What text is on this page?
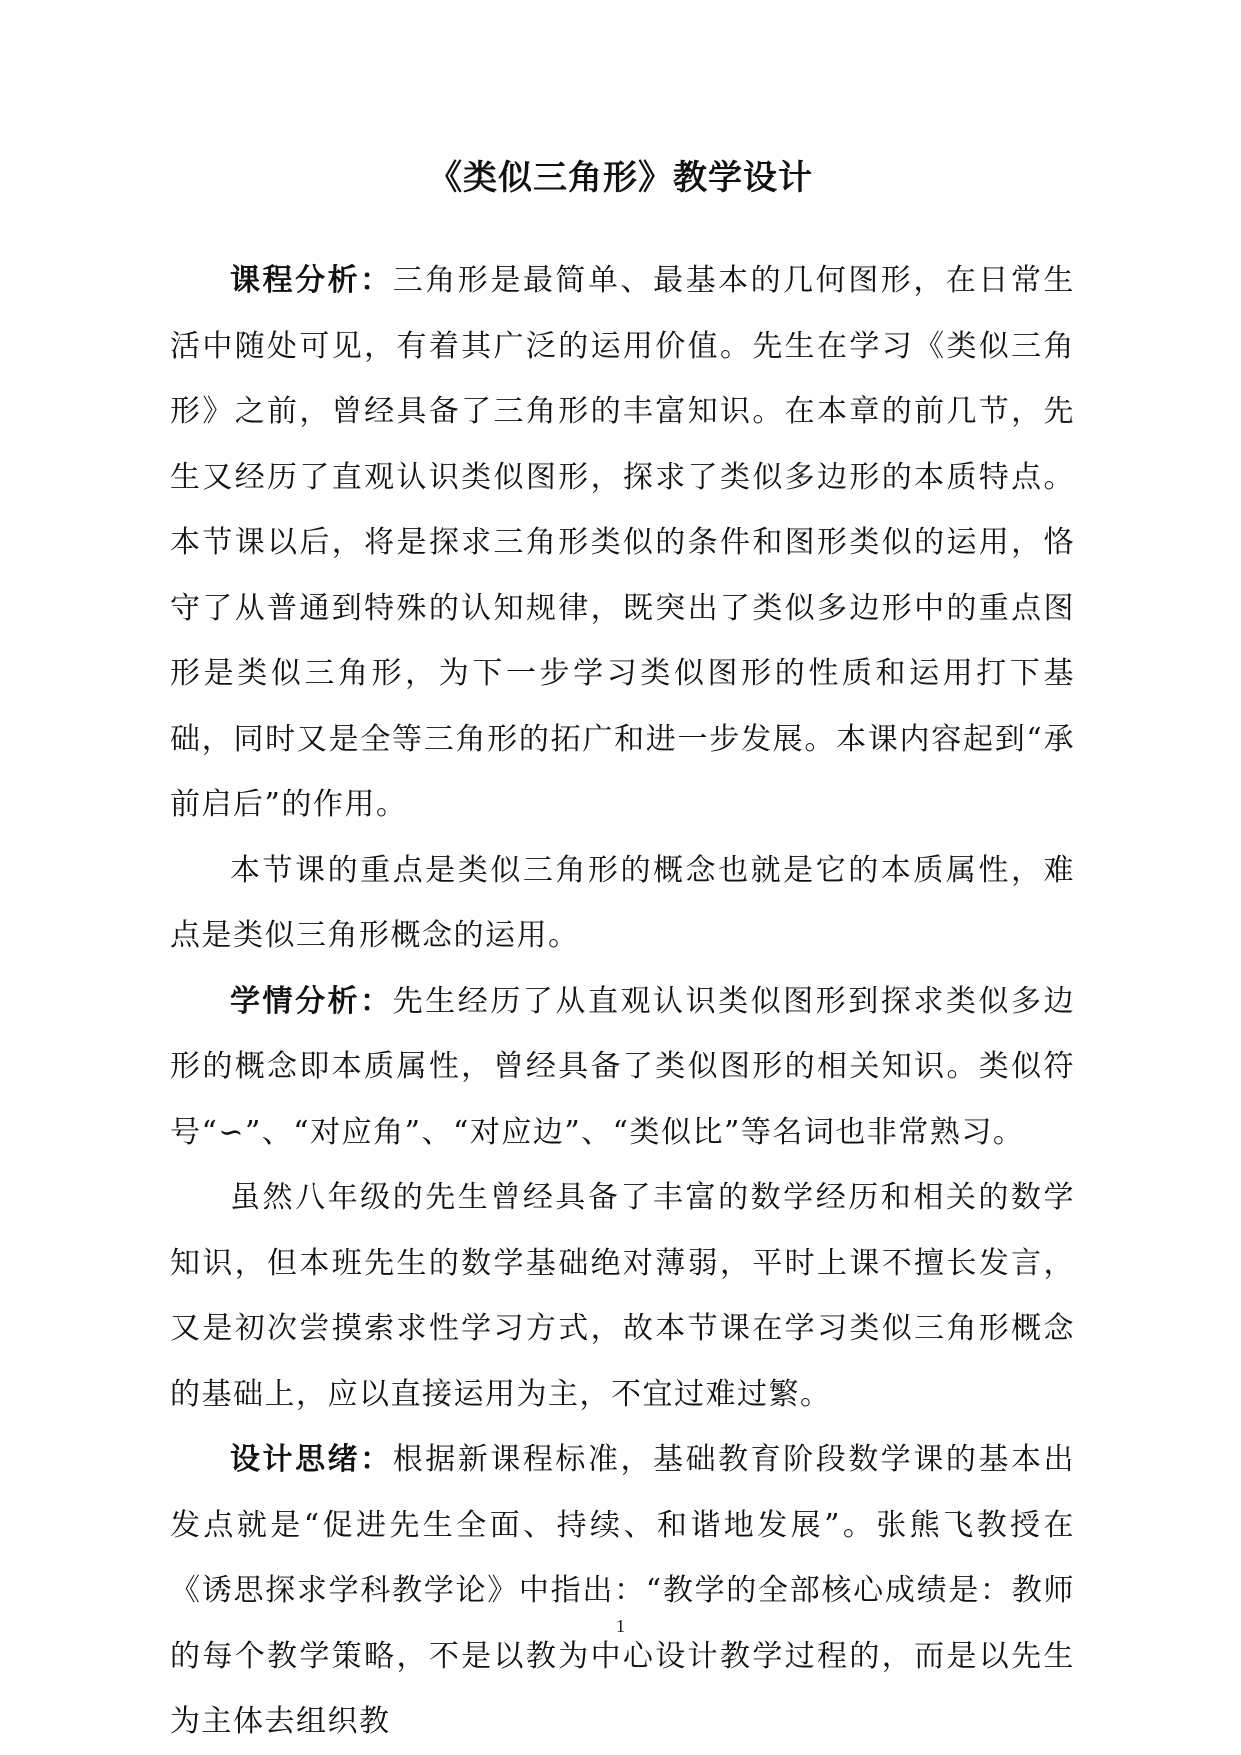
《类似三角形》教学设计

课程分析：三角形是最简单、最基本的几何图形，在日常生活中随处可见，有着其广泛的运用价值。先生在学习《类似三角形》之前，曾经具备了三角形的丰富知识。在本章的前几节，先生又经历了直观认识类似图形，探求了类似多边形的本质特点。本节课以后，将是探求三角形类似的条件和图形类似的运用，恪守了从普通到特殊的认知规律，既突出了类似多边形中的重点图形是类似三角形，为下一步学习类似图形的性质和运用打下基础，同时又是全等三角形的拓广和进一步发展。本课内容起到“承前启后”的作用。

本节课的重点是类似三角形的概念也就是它的本质属性，难点是类似三角形概念的运用。

学情分析：先生经历了从直观认识类似图形到探求类似多边形的概念即本质属性，曾经具备了类似图形的相关知识。类似符号“∽”、“对应角”、“对应边”、“类似比”等名词也非常熟习。

虽然八年级的先生曾经具备了丰富的数学经历和相关的数学知识，但本班先生的数学基础绝对薄弱，平时上课不擅长发言，又是初次尝摸索求性学习方式，故本节课在学习类似三角形概念的基础上，应以直接运用为主，不宜过难过繁。

设计思绪：根据新课程标准，基础教育阶段数学课的基本出发点就是“促进先生全面、持续、和谐地发展”。张熊飞教授在《诱思探求学科教学论》中指出：“教学的全部核心成绩是：教师的每个教学策略，不是以教为中心设计教学过程的，而是以先生为主体去组织教

1
